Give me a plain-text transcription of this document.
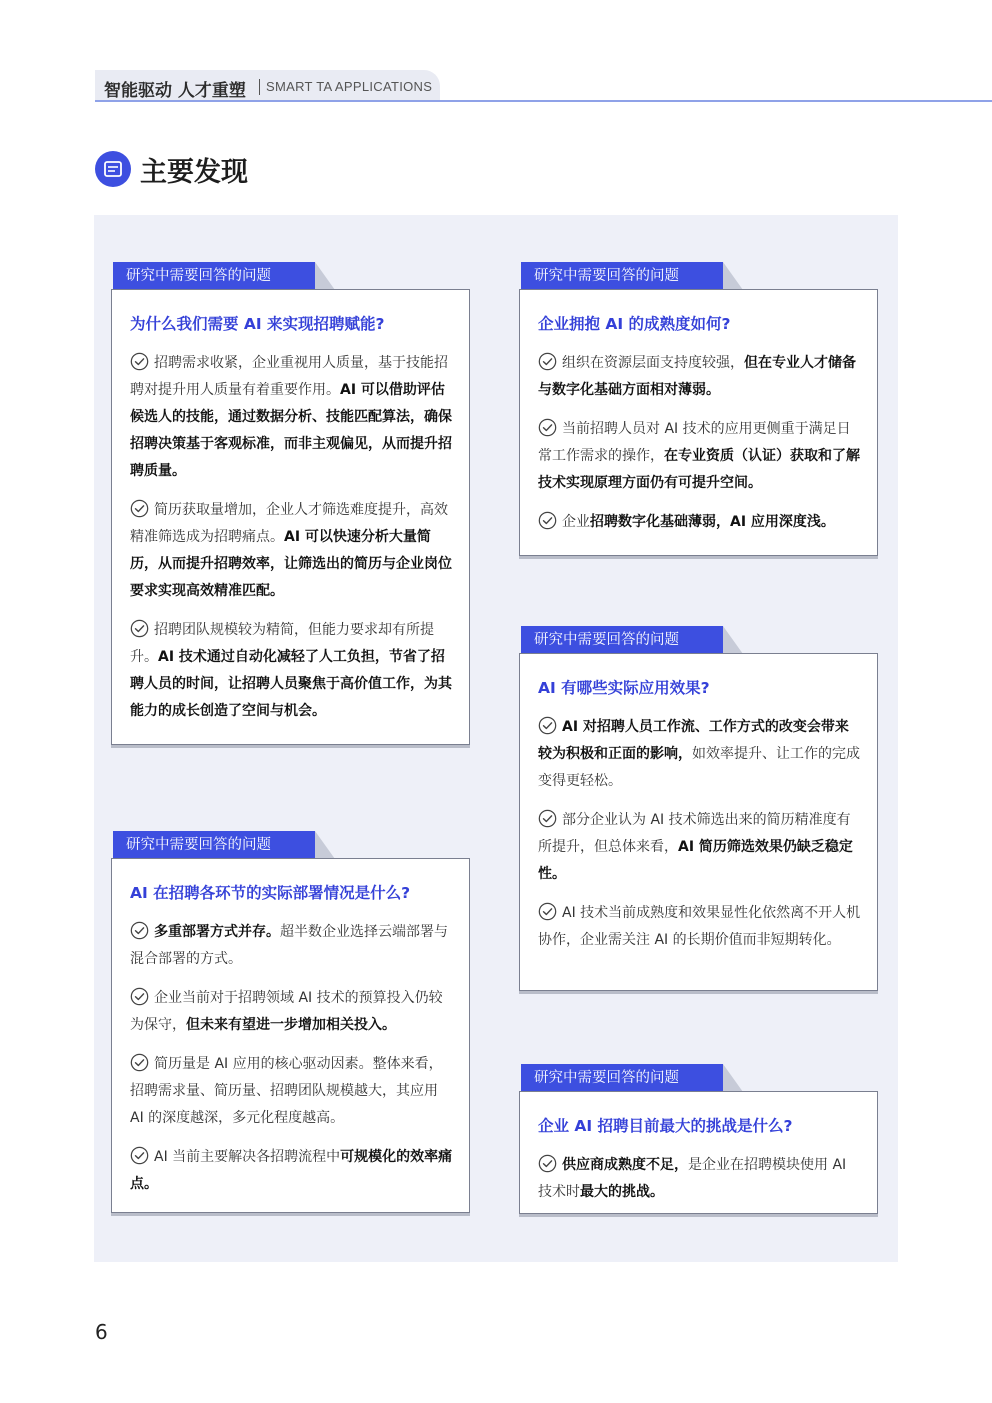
智能驱动 人才重塑 SMART TA APPLICATIONS
主要发现
研究中需要回答的问题
为什么我们需要 AI 来实现招聘赋能?
招聘需求收紧，企业重视用人质量，基于技能招聘对提升用人质量有着重要作用。AI 可以借助评估候选人的技能，通过数据分析、技能匹配算法，确保招聘决策基于客观标准，而非主观偏见，从而提升招聘质量。
简历获取量增加，企业人才筛选难度提升，高效精准筛选成为招聘痛点。AI 可以快速分析大量简历，从而提升招聘效率，让筛选出的简历与企业岗位要求实现高效精准匹配。
招聘团队规模较为精简，但能力要求却有所提升。AI 技术通过自动化减轻了人工负担，节省了招聘人员的时间，让招聘人员聚焦于高价值工作，为其能力的成长创造了空间与机会。
研究中需要回答的问题
企业拥抱 AI 的成熟度如何?
组织在资源层面支持度较强，但在专业人才储备与数字化基础方面相对薄弱。
当前招聘人员对 AI 技术的应用更侧重于满足日常工作需求的操作，在专业资质（认证）获取和了解技术实现原理方面仍有可提升空间。
企业招聘数字化基础薄弱，AI 应用深度浅。
研究中需要回答的问题
AI 有哪些实际应用效果?
AI 对招聘人员工作流、工作方式的改变会带来较为积极和正面的影响，如效率提升、让工作的完成变得更轻松。
部分企业认为 AI 技术筛选出来的简历精准度有所提升，但总体来看，AI 简历筛选效果仍缺乏稳定性。
AI 技术当前成熟度和效果显性化依然离不开人机协作，企业需关注 AI 的长期价值而非短期转化。
研究中需要回答的问题
AI 在招聘各环节的实际部署情况是什么?
多重部署方式并存。超半数企业选择云端部署与混合部署的方式。
企业当前对于招聘领域 AI 技术的预算投入仍较为保守，但未来有望进一步增加相关投入。
简历量是 AI 应用的核心驱动因素。整体来看，招聘需求量、简历量、招聘团队规模越大，其应用 AI 的深度越深，多元化程度越高。
AI 当前主要解决各招聘流程中可规模化的效率痛点。
研究中需要回答的问题
企业 AI 招聘目前最大的挑战是什么?
供应商成熟度不足，是企业在招聘模块使用 AI 技术时最大的挑战。
6
